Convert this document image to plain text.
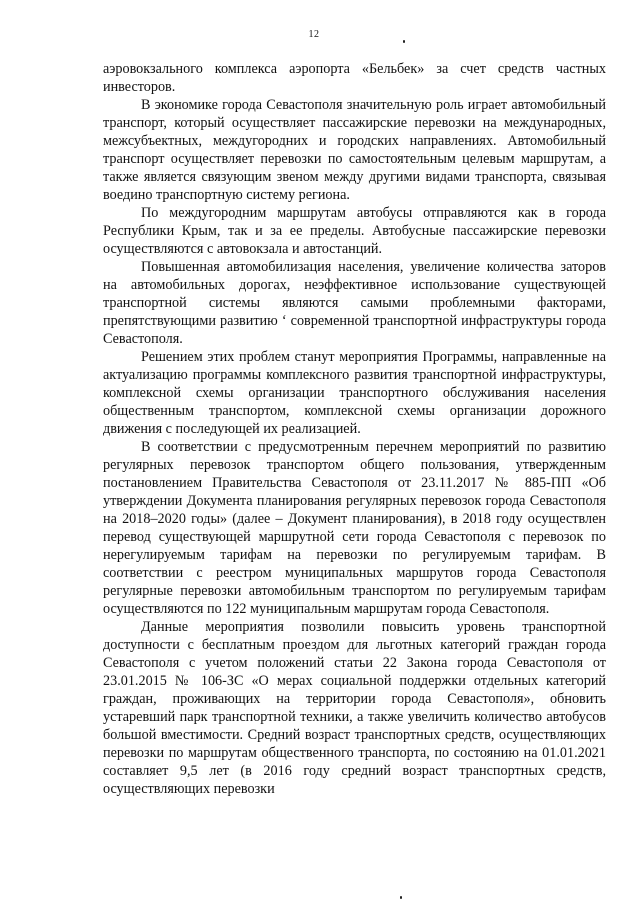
12

аэровокзального комплекса аэропорта «Бельбек» за счет средств частных инвесторов.

В экономике города Севастополя значительную роль играет автомобильный транспорт, который осуществляет пассажирские перевозки на международных, межсубъектных, междугородних и городских направлениях. Автомобильный транспорт осуществляет перевозки по самостоятельным целевым маршрутам, а также является связующим звеном между другими видами транспорта, связывая воедино транспортную систему региона.

По междугородним маршрутам автобусы отправляются как в города Республики Крым, так и за ее пределы. Автобусные пассажирские перевозки осуществляются с автовокзала и автостанций.

Повышенная автомобилизация населения, увеличение количества заторов на автомобильных дорогах, неэффективное использование существующей транспортной системы являются самыми проблемными факторами, препятствующими развитию ‘ современной транспортной инфраструктуры города Севастополя.

Решением этих проблем станут мероприятия Программы, направленные на актуализацию программы комплексного развития транспортной инфраструктуры, комплексной схемы организации транспортного обслуживания населения общественным транспортом, комплексной схемы организации дорожного движения с последующей их реализацией.

В соответствии с предусмотренным перечнем мероприятий по развитию регулярных перевозок транспортом общего пользования, утвержденным постановлением Правительства Севастополя от 23.11.2017 № 885-ПП «Об утверждении Документа планирования регулярных перевозок города Севастополя на 2018–2020 годы» (далее – Документ планирования), в 2018 году осуществлен перевод существующей маршрутной сети города Севастополя с перевозок по нерегулируемым тарифам на перевозки по регулируемым тарифам. В соответствии с реестром муниципальных маршрутов города Севастополя регулярные перевозки автомобильным транспортом по регулируемым тарифам осуществляются по 122 муниципальным маршрутам города Севастополя.

Данные мероприятия позволили повысить уровень транспортной доступности с бесплатным проездом для льготных категорий граждан города Севастополя с учетом положений статьи 22 Закона города Севастополя от 23.01.2015 № 106-ЗС «О мерах социальной поддержки отдельных категорий граждан, проживающих на территории города Севастополя», обновить устаревший парк транспортной техники, а также увеличить количество автобусов большой вместимости. Средний возраст транспортных средств, осуществляющих перевозки по маршрутам общественного транспорта, по состоянию на 01.01.2021 составляет 9,5 лет (в 2016 году средний возраст транспортных средств, осуществляющих перевозки
